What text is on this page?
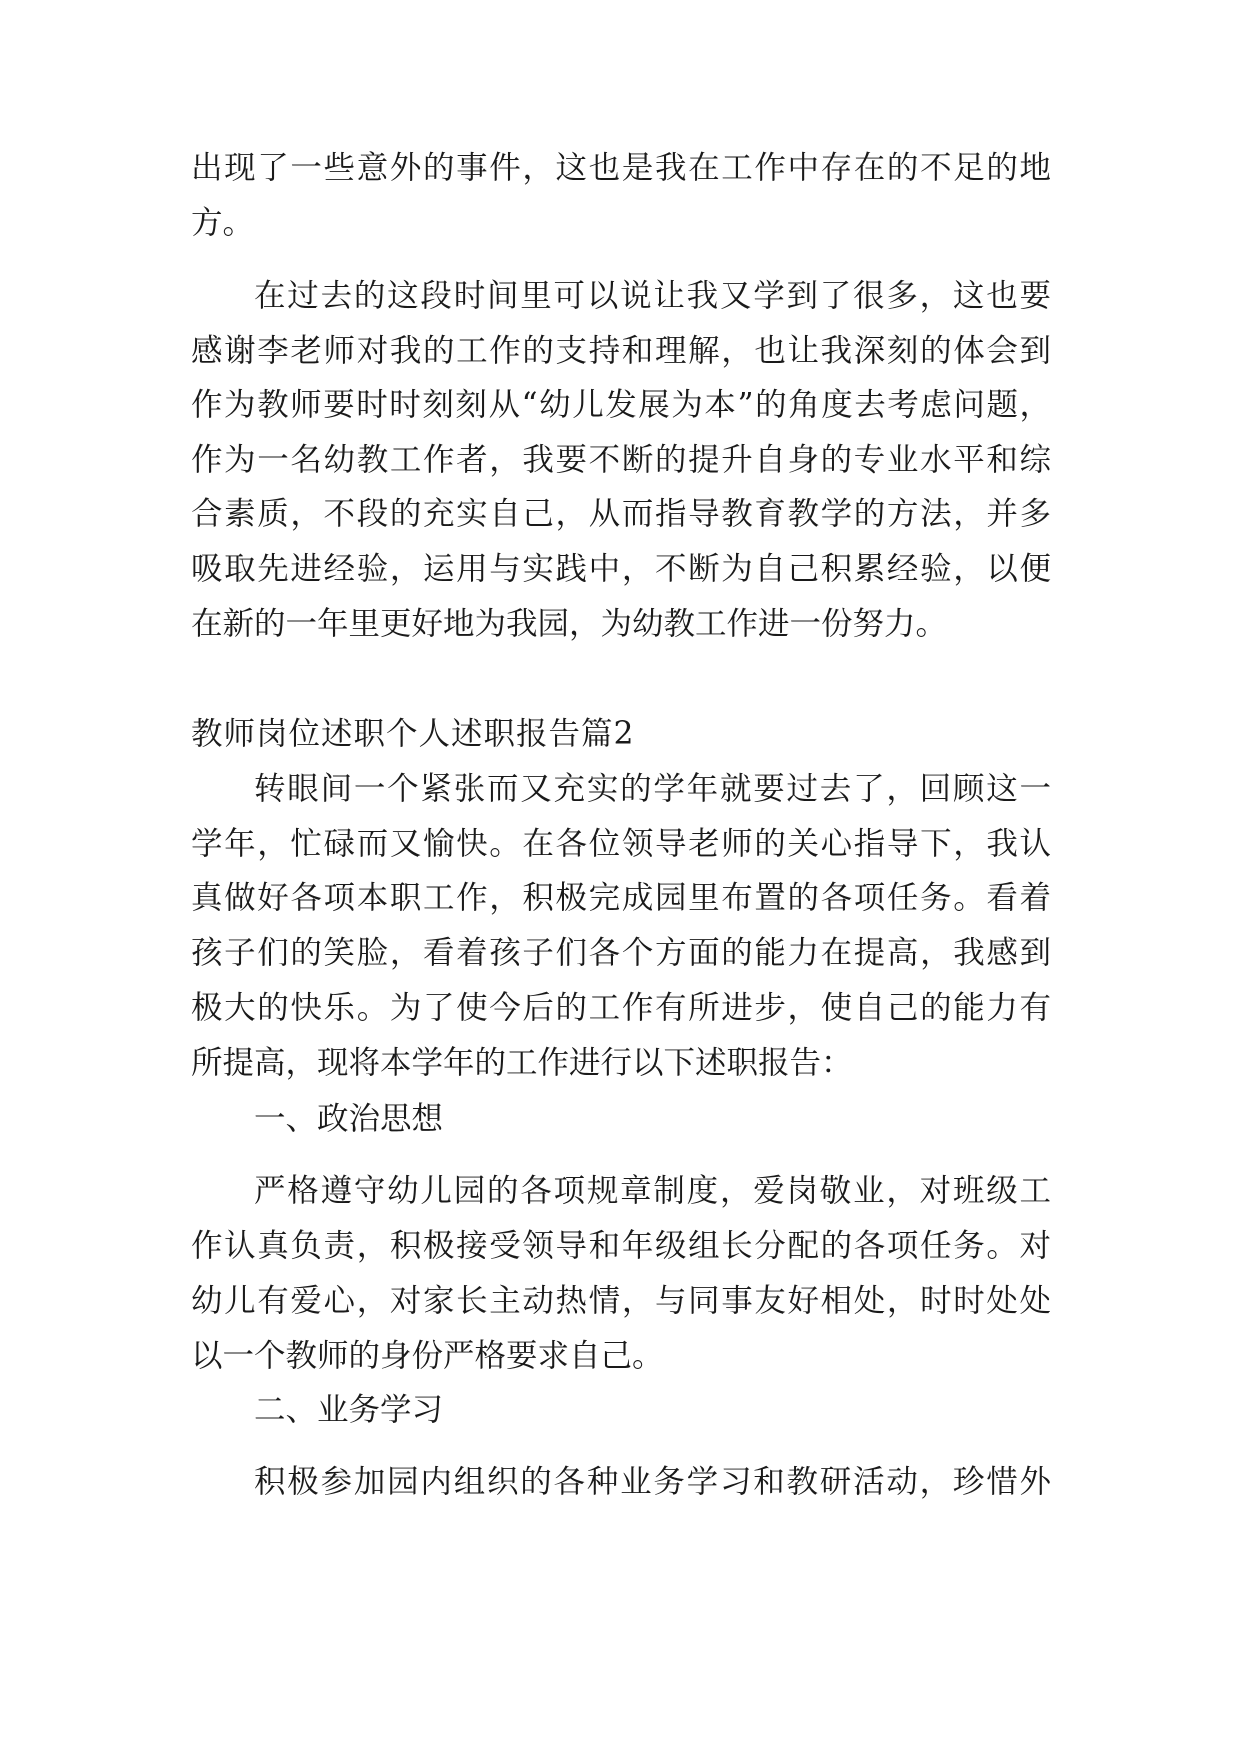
出现了一些意外的事件，这也是我在工作中存在的不足的地
方。
在过去的这段时间里可以说让我又学到了很多，这也要
感谢李老师对我的工作的支持和理解，也让我深刻的体会到
作为教师要时时刻刻从“幼儿发展为本”的角度去考虑问题，
作为一名幼教工作者，我要不断的提升自身的专业水平和综
合素质，不段的充实自己，从而指导教育教学的方法，并多
吸取先进经验，运用与实践中，不断为自己积累经验，以便
在新的一年里更好地为我园，为幼教工作进一份努力。
教师岗位述职个人述职报告篇2
转眼间一个紧张而又充实的学年就要过去了，回顾这一
学年，忙碌而又愉快。在各位领导老师的关心指导下，我认
真做好各项本职工作，积极完成园里布置的各项任务。看着
孩子们的笑脸，看着孩子们各个方面的能力在提高，我感到
极大的快乐。为了使今后的工作有所进步，使自己的能力有
所提高，现将本学年的工作进行以下述职报告：
一、政治思想
严格遵守幼儿园的各项规章制度，爱岗敬业，对班级工
作认真负责，积极接受领导和年级组长分配的各项任务。对
幼儿有爱心，对家长主动热情，与同事友好相处，时时处处
以一个教师的身份严格要求自己。
二、业务学习
积极参加园内组织的各种业务学习和教研活动，珍惜外
